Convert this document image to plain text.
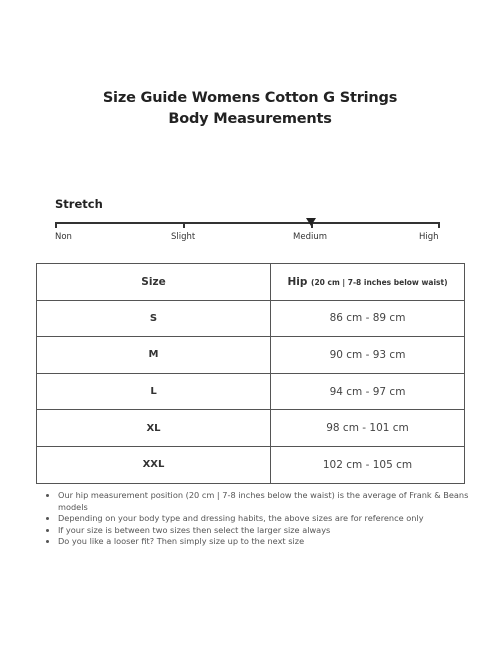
Size Guide Womens Cotton G Strings
Body Measurements
Stretch
Non	Slight	Medium	High
Size	Hip (20 cm | 7-8 inches below waist)
S	86 cm - 89 cm
M	90 cm - 93 cm
L	94 cm - 97 cm
XL	98 cm - 101 cm
XXL	102 cm - 105 cm
• Our hip measurement position (20 cm | 7-8 inches below the waist) is the average of Frank & Beans models
• Depending on your body type and dressing habits, the above sizes are for reference only
• If your size is between two sizes then select the larger size always
• Do you like a looser fit? Then simply size up to the next size
